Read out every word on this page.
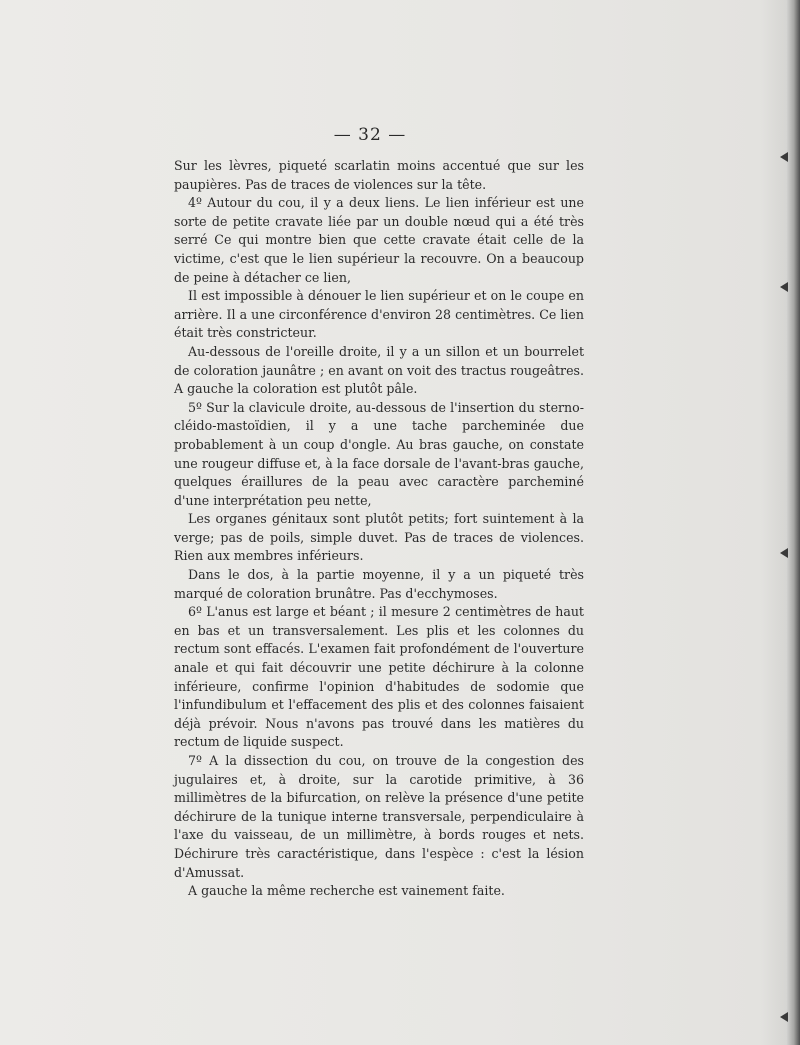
— 32 —

Sur les lèvres, piqueté scarlatin moins accentué que sur les paupières. Pas de traces de violences sur la tête.

4º Autour du cou, il y a deux liens. Le lien inférieur est une sorte de petite cravate liée par un double nœud qui a été très serré Ce qui montre bien que cette cravate était celle de la victime, c'est que le lien supérieur la recouvre. On a beaucoup de peine à détacher ce lien,

Il est impossible à dénouer le lien supérieur et on le coupe en arrière. Il a une circonférence d'environ 28 centimètres. Ce lien était très constricteur.

Au-dessous de l'oreille droite, il y a un sillon et un bourrelet de coloration jaunâtre ; en avant on voit des tractus rougeâtres. A gauche la coloration est plutôt pâle.

5º Sur la clavicule droite, au-dessous de l'insertion du sterno-cléido-mastoïdien, il y a une tache parcheminée due probablement à un coup d'ongle. Au bras gauche, on constate une rougeur diffuse et, à la face dorsale de l'avant-bras gauche, quelques éraillures de la peau avec caractère parcheminé d'une interprétation peu nette,

Les organes génitaux sont plutôt petits; fort suintement à la verge; pas de poils, simple duvet. Pas de traces de violences. Rien aux membres inférieurs.

Dans le dos, à la partie moyenne, il y a un piqueté très marqué de coloration brunâtre. Pas d'ecchymoses.

6º L'anus est large et béant ; il mesure 2 centimètres de haut en bas et un transversalement. Les plis et les colonnes du rectum sont effacés. L'examen fait profondément de l'ouverture anale et qui fait découvrir une petite déchirure à la colonne inférieure, confirme l'opinion d'habitudes de sodomie que l'infundibulum et l'effacement des plis et des colonnes faisaient déjà prévoir. Nous n'avons pas trouvé dans les matières du rectum de liquide suspect.

7º A la dissection du cou, on trouve de la congestion des jugulaires et, à droite, sur la carotide primitive, à 36 millimètres de la bifurcation, on relève la présence d'une petite déchirure de la tunique interne transversale, perpendiculaire à l'axe du vaisseau, de un millimètre, à bords rouges et nets. Déchirure très caractéristique, dans l'espèce : c'est la lésion d'Amussat.

A gauche la même recherche est vainement faite.
